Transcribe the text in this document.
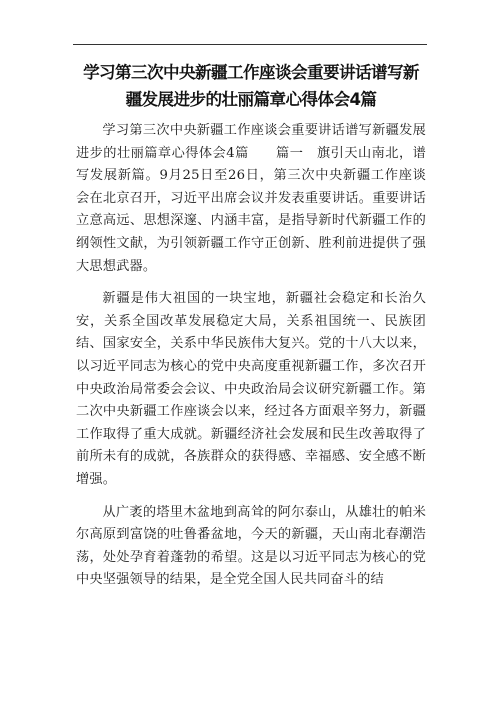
学习第三次中央新疆工作座谈会重要讲话谱写新疆发展进步的壮丽篇章心得体会4篇

学习第三次中央新疆工作座谈会重要讲话谱写新疆发展进步的壮丽篇章心得体会4篇　　篇一　旗引天山南北，谱写发展新篇。9月25日至26日，第三次中央新疆工作座谈会在北京召开，习近平出席会议并发表重要讲话。重要讲话立意高远、思想深邃、内涵丰富，是指导新时代新疆工作的纲领性文献，为引领新疆工作守正创新、胜利前进提供了强大思想武器。

新疆是伟大祖国的一块宝地，新疆社会稳定和长治久安，关系全国改革发展稳定大局，关系祖国统一、民族团结、国家安全，关系中华民族伟大复兴。党的十八大以来，以习近平同志为核心的党中央高度重视新疆工作，多次召开中央政治局常委会会议、中央政治局会议研究新疆工作。第二次中央新疆工作座谈会以来，经过各方面艰辛努力，新疆工作取得了重大成就。新疆经济社会发展和民生改善取得了前所未有的成就，各族群众的获得感、幸福感、安全感不断增强。

从广袤的塔里木盆地到高耸的阿尔泰山，从雄壮的帕米尔高原到富饶的吐鲁番盆地，今天的新疆，天山南北春潮浩荡，处处孕育着蓬勃的希望。这是以习近平同志为核心的党中央坚强领导的结果，是全党全国人民共同奋斗的结
